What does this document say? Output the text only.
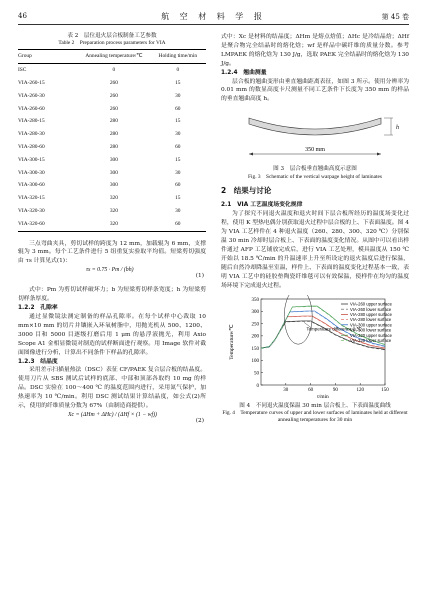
46	航 空 材 料 学 报	第 45 卷
表 2　层位退火层合板制备工艺参数
Table 2　Preparation process parameters for VIA
Group	Annealing temperature/℃	Holding time/min
ISC	0	0
VIA-260-15	260	15
VIA-260-30	260	30
VIA-260-60	260	60
VIA-280-15	280	15
VIA-280-30	280	30
VIA-280-60	280	60
VIA-300-15	300	15
VIA-300-30	300	30
VIA-300-60	300	60
VIA-320-15	320	15
VIA-320-30	320	30
VIA-320-60	320	60

三点弯曲夹具，剪切试样的跨度为 12 mm，加载辊为 6 mm，支撑辊为 3 mm。每个工艺条件进行 5 组重复实验取平均值。短梁剪切强度由 τs 计算见式(1)：

τs = 0.75 · Pm / (bh)
(1)

式中：Pm 为剪切试样破坏力；b 为短梁剪切样条宽度；h 为短梁剪切样条厚度。

1.2.2　孔隙率

通过显微镜法测定制备的样品孔隙率。在每个试样中心裁取 10 mm×10 mm 的切片并镶嵌入环氧树脂中，用抛光机从 500、1200、3000 目和 5000 目逐级打磨后用 1 μm 的悬浮液抛光，利用 Axio Scope A1 金相显微镜对制造的试样断面进行观察。用 Image 软件对截面图像进行分析，计算出不同条件下样品的孔隙率。

1.2.3　结晶度

采用差示扫描量热法（DSC）表征 CF/PAEK 复合层合板的结晶度。使用刀片从 SBS 测试后试样的底部、中部和顶部各取约 10 mg 的样品。DSC 实验在 100～400 ℃ 的温度范围内进行，采用氮气保护，加热速率为 10 ℃/min。利用 DSC 测试结果计算结晶度，如公式(2)所示，使用的纤维质量分数为 67%（由制造商提供）。

Xc = (ΔHm + ΔHc) / (ΔHf × (1 − wf))
(2)

式中：Xc 是材料的结晶度；ΔHm 是熔点焓值；ΔHc 是冷结晶焓；ΔHf 是聚合物完全结晶时的熔化焓；wf 是样品中碳纤维的质量分数。参考 LMPAEK 的熔化焓为 130 J/g，选取 PAEK 完全结晶时的熔化焓为 130 J/g。

1.2.4　翘曲测量

层合板的翘曲变形由垂直翘曲距离表征，如图 3 所示。使用分辨率为 0.01 mm 的数显高度卡尺测量不同工艺条件下长度为 350 mm 的样品的垂直翘曲高度 h。

350 mm
h
图 3　层合板垂直翘曲高度示意图
Fig. 3　Schematic of the vertical warpage height of laminates
2　结果与讨论
2.1　VIA 工艺温度场变化规律

为了探究不同退火温度和退火时间下层合板所经历的温度场变化过程，使用 K 型热电偶分别获取退火过程中层合板的上、下表面温度。图 4 为 VIA 工艺样件在 4 种退火温度（260、280、300、320 ℃）分别保温 30 min 冷却时层合板上、下表面的温度变化情况。从图中可以看出样件通过 AFP 工艺铺放完成后，进行 VIA 工艺处理，模具温度从 150 ℃ 开始以 18.5 ℃/min 的升温速率上升至所设定的退火温度后进行保温，随后自然冷却降温至室温，样件上、下表面的温度变化过程基本一致，表明 VIA 工艺中的硅胶垫陶瓷纤维毯可以有效保温，使样件在均匀的温度场环境下完成退火过程。

0
50
100
150
200
250
300
350
30	60	90	120	150
VIA-260 upper surface
VIA-260 lower surface
VIA-280 upper surface
VIA-280 lower surface
VIA-300 upper surface
VIA-300 lower surface
VIA-320 upper surface
VIA-320 lower surface
Temperature/℃
t/min
Temperature difference 2 ℃
图 4　不同退火温度保温 30 min 层合板上、下表面温度曲线
Fig. 4　Temperature curves of upper and lower surfaces of laminates held at different annealing temperatures for 30 min
